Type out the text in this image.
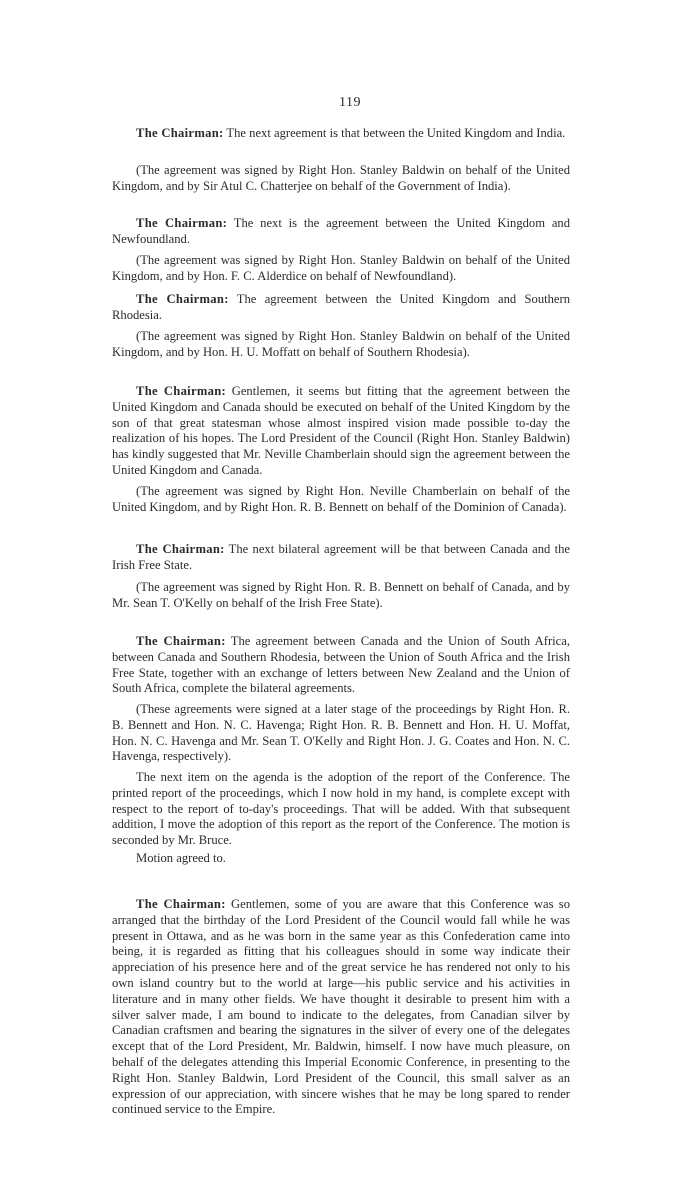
119

The Chairman: The next agreement is that between the United Kingdom and India.

(The agreement was signed by Right Hon. Stanley Baldwin on behalf of the United Kingdom, and by Sir Atul C. Chatterjee on behalf of the Government of India).

The Chairman: The next is the agreement between the United Kingdom and Newfoundland.

(The agreement was signed by Right Hon. Stanley Baldwin on behalf of the United Kingdom, and by Hon. F. C. Alderdice on behalf of Newfoundland).

The Chairman: The agreement between the United Kingdom and Southern Rhodesia.

(The agreement was signed by Right Hon. Stanley Baldwin on behalf of the United Kingdom, and by Hon. H. U. Moffatt on behalf of Southern Rhodesia).

The Chairman: Gentlemen, it seems but fitting that the agreement between the United Kingdom and Canada should be executed on behalf of the United Kingdom by the son of that great statesman whose almost inspired vision made possible to-day the realization of his hopes. The Lord President of the Council (Right Hon. Stanley Baldwin) has kindly suggested that Mr. Neville Chamberlain should sign the agreement between the United Kingdom and Canada.

(The agreement was signed by Right Hon. Neville Chamberlain on behalf of the United Kingdom, and by Right Hon. R. B. Bennett on behalf of the Dominion of Canada).

The Chairman: The next bilateral agreement will be that between Canada and the Irish Free State.

(The agreement was signed by Right Hon. R. B. Bennett on behalf of Canada, and by Mr. Sean T. O'Kelly on behalf of the Irish Free State).

The Chairman: The agreement between Canada and the Union of South Africa, between Canada and Southern Rhodesia, between the Union of South Africa and the Irish Free State, together with an exchange of letters between New Zealand and the Union of South Africa, complete the bilateral agreements.

(These agreements were signed at a later stage of the proceedings by Right Hon. R. B. Bennett and Hon. N. C. Havenga; Right Hon. R. B. Bennett and Hon. H. U. Moffat, Hon. N. C. Havenga and Mr. Sean T. O'Kelly and Right Hon. J. G. Coates and Hon. N. C. Havenga, respectively).

The next item on the agenda is the adoption of the report of the Conference. The printed report of the proceedings, which I now hold in my hand, is complete except with respect to the report of to-day's proceedings. That will be added. With that subsequent addition, I move the adoption of this report as the report of the Conference. The motion is seconded by Mr. Bruce.

Motion agreed to.

The Chairman: Gentlemen, some of you are aware that this Conference was so arranged that the birthday of the Lord President of the Council would fall while he was present in Ottawa, and as he was born in the same year as this Confederation came into being, it is regarded as fitting that his colleagues should in some way indicate their appreciation of his presence here and of the great service he has rendered not only to his own island country but to the world at large—his public service and his activities in literature and in many other fields. We have thought it desirable to present him with a silver salver made, I am bound to indicate to the delegates, from Canadian silver by Canadian craftsmen and bearing the signatures in the silver of every one of the delegates except that of the Lord President, Mr. Baldwin, himself. I now have much pleasure, on behalf of the delegates attending this Imperial Economic Conference, in presenting to the Right Hon. Stanley Baldwin, Lord President of the Council, this small salver as an expression of our appreciation, with sincere wishes that he may be long spared to render continued service to the Empire.
